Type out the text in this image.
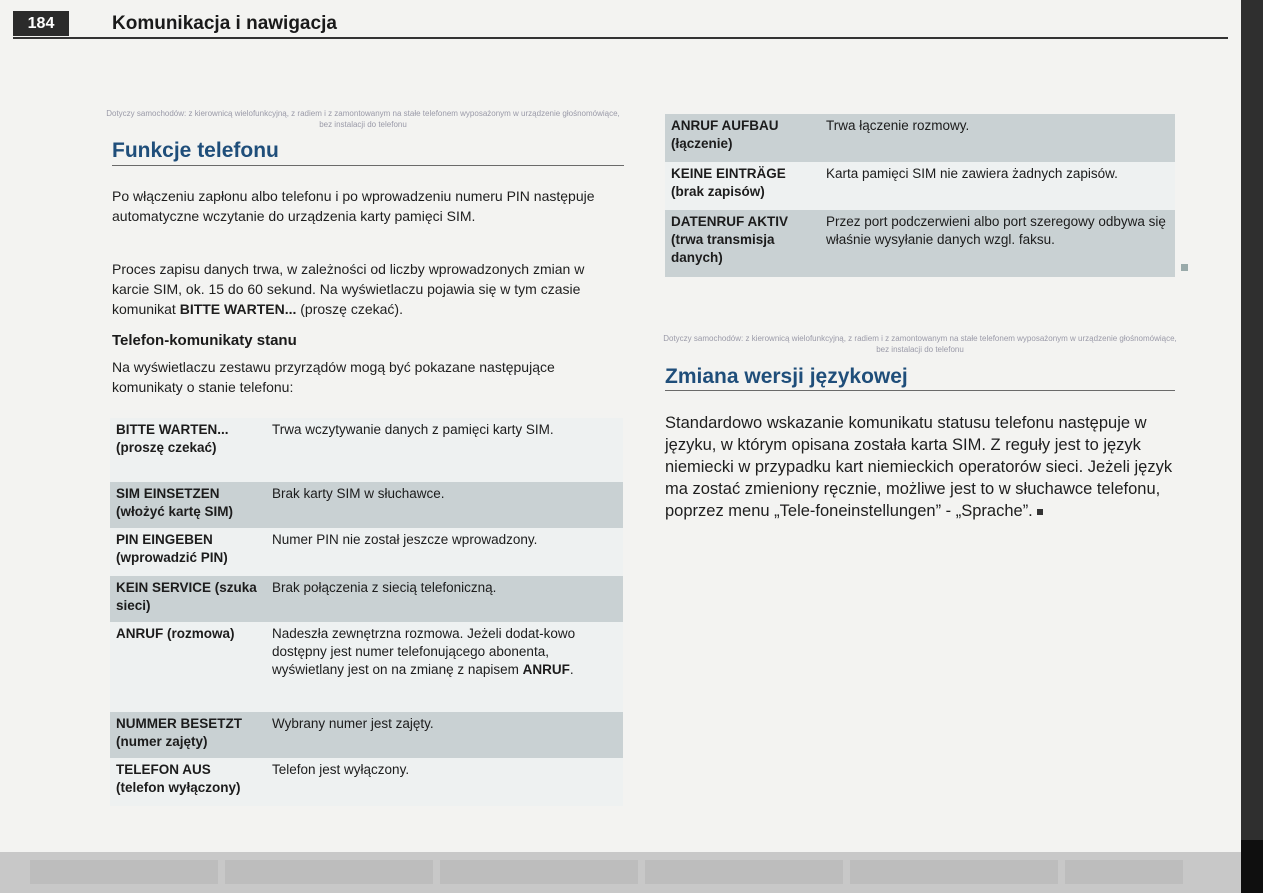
184	Komunikacja i nawigacja
Dotyczy samochodów: z kierownicą wielofunkcyjną, z radiem i z zamontowanym na stałe telefonem wyposażonym w urządzenie głośnomówiące, bez instalacji do telefonu
Funkcje telefonu

Po włączeniu zapłonu albo telefonu i po wprowadzeniu numeru PIN następuje automatyczne wczytanie do urządzenia karty pamięci SIM.

Proces zapisu danych trwa, w zależności od liczby wprowadzonych zmian w karcie SIM, ok. 15 do 60 sekund. Na wyświetlaczu pojawia się w tym czasie komunikat BITTE WARTEN... (proszę czekać).

Telefon-komunikaty stanu

Na wyświetlaczu zestawu przyrządów mogą być pokazane następujące komunikaty o stanie telefonu:

BITTE WARTEN...(proszę czekać)	Trwa wczytywanie danych z pamięci karty SIM.
SIM EINSETZEN (włożyć kartę SIM)	Brak karty SIM w słuchawce.
PIN EINGEBEN (wprowadzić PIN)	Numer PIN nie został jeszcze wprowadzony.
KEIN SERVICE (szuka sieci)	Brak połączenia z siecią telefoniczną.
ANRUF (rozmowa)	Nadeszła zewnętrzna rozmowa. Jeżeli dodat-kowo dostępny jest numer telefonującego abonenta, wyświetlany jest on na zmianę z napisem ANRUF.
NUMMER BESETZT (numer zajęty)	Wybrany numer jest zajęty.
TELEFON AUS (telefon wyłączony)	Telefon jest wyłączony.
ANRUF AUFBAU (łączenie)	Trwa łączenie rozmowy.
KEINE EINTRÄGE (brak zapisów)	Karta pamięci SIM nie zawiera żadnych zapisów.
DATENRUF AKTIV (trwa transmisja danych)	Przez port podczerwieni albo port szeregowy odbywa się właśnie wysyłanie danych wzgl. faksu.
Dotyczy samochodów: z kierownicą wielofunkcyjną, z radiem i z zamontowanym na stałe telefonem wyposażonym w urządzenie głośnomówiące, bez instalacji do telefonu
Zmiana wersji językowej

Standardowo wskazanie komunikatu statusu telefonu następuje w języku, w którym opisana została karta SIM. Z reguły jest to język niemiecki w przypadku kart niemieckich operatorów sieci. Jeżeli język ma zostać zmieniony ręcznie, możliwe jest to w słuchawce telefonu, poprzez menu „Tele-foneinstellungen” - „Sprache”.
